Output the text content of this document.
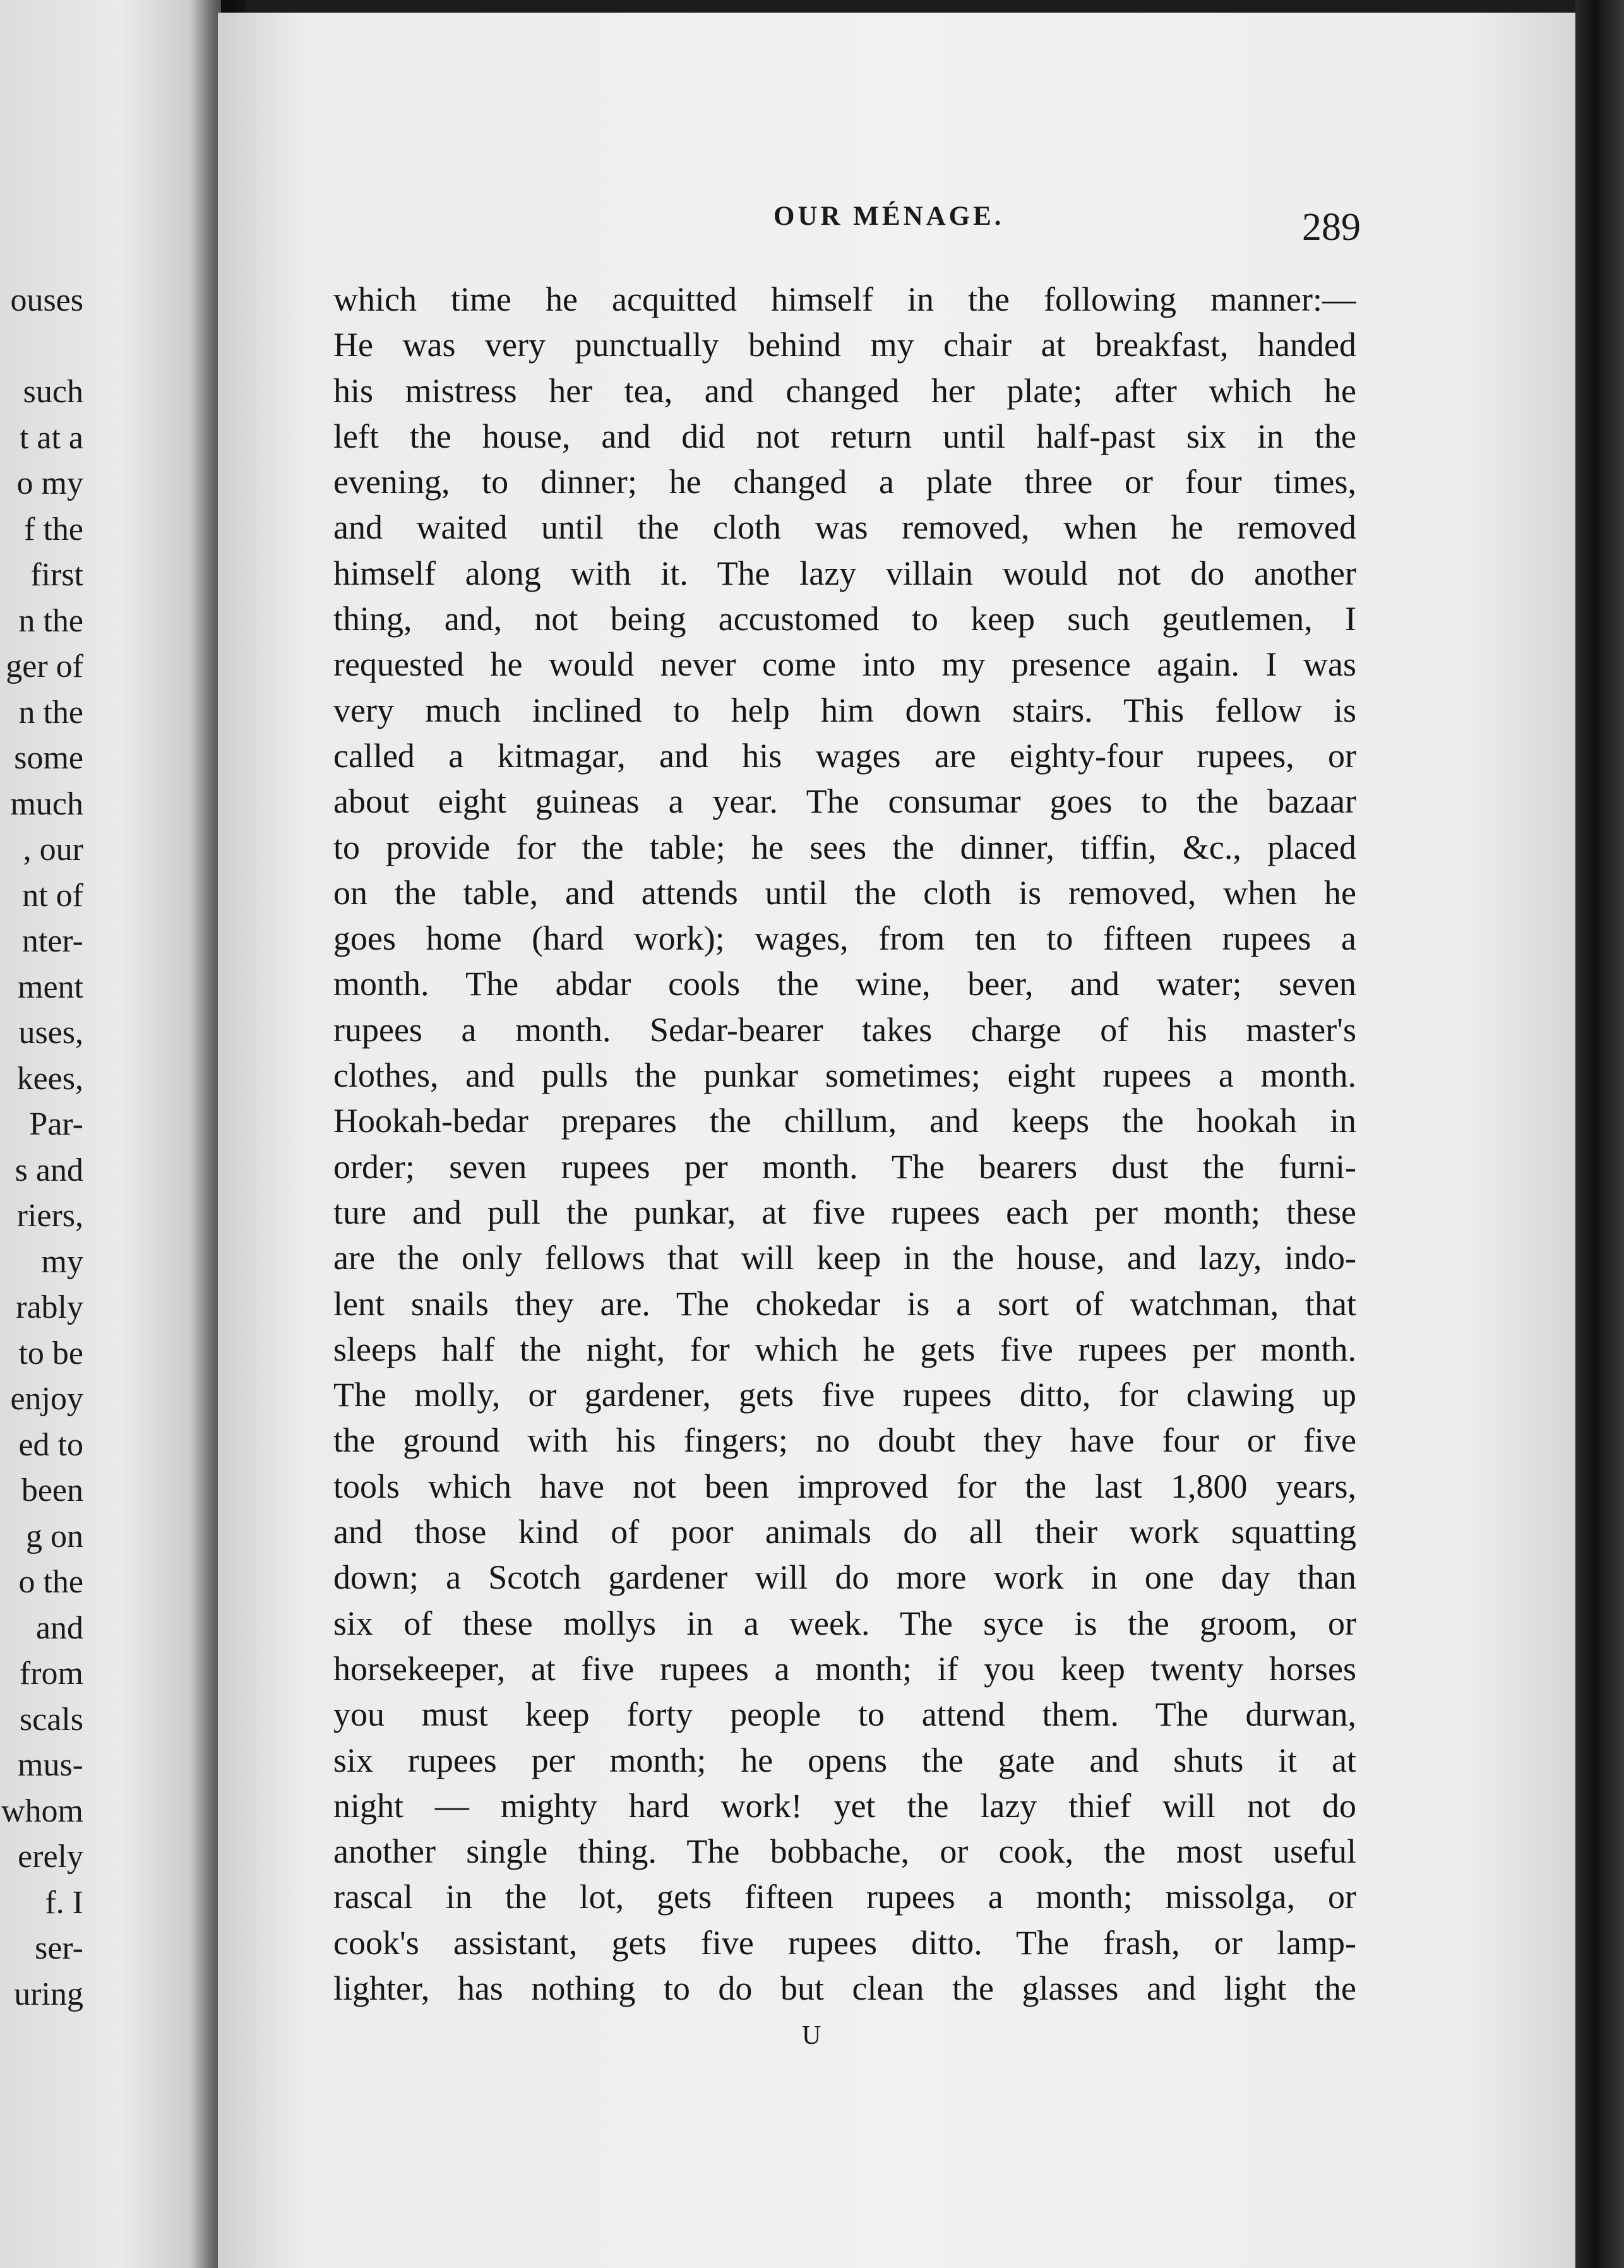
ouses
such
t at a
o my
f the
first
n the
ger of
n the
some
much
, our
nt of
nter-
ment
uses,
kees,
Par-
s and
riers,
my
rably
to be
enjoy
ed to
been
g on
o the
and
from
scals
mus-
whom
erely
f. I
ser-
uring
OUR MÉNAGE.	289
which time he acquitted himself in the following manner:—
He was very punctually behind my chair at breakfast, handed
his mistress her tea, and changed her plate; after which he
left the house, and did not return until half-past six in the
evening, to dinner; he changed a plate three or four times,
and waited until the cloth was removed, when he removed
himself along with it. The lazy villain would not do another
thing, and, not being accustomed to keep such geutlemen, I
requested he would never come into my presence again. I was
very much inclined to help him down stairs. This fellow is
called a kitmagar, and his wages are eighty-four rupees, or
about eight guineas a year. The consumar goes to the bazaar
to provide for the table; he sees the dinner, tiffin, &c., placed
on the table, and attends until the cloth is removed, when he
goes home (hard work); wages, from ten to fifteen rupees a
month. The abdar cools the wine, beer, and water; seven
rupees a month. Sedar-bearer takes charge of his master's
clothes, and pulls the punkar sometimes; eight rupees a month.
Hookah-bedar prepares the chillum, and keeps the hookah in
order; seven rupees per month. The bearers dust the furni-
ture and pull the punkar, at five rupees each per month; these
are the only fellows that will keep in the house, and lazy, indo-
lent snails they are. The chokedar is a sort of watchman, that
sleeps half the night, for which he gets five rupees per month.
The molly, or gardener, gets five rupees ditto, for clawing up
the ground with his fingers; no doubt they have four or five
tools which have not been improved for the last 1,800 years,
and those kind of poor animals do all their work squatting
down; a Scotch gardener will do more work in one day than
six of these mollys in a week. The syce is the groom, or
horsekeeper, at five rupees a month; if you keep twenty horses
you must keep forty people to attend them. The durwan,
six rupees per month; he opens the gate and shuts it at
night — mighty hard work! yet the lazy thief will not do
another single thing. The bobbache, or cook, the most useful
rascal in the lot, gets fifteen rupees a month; missolga, or
cook's assistant, gets five rupees ditto. The frash, or lamp-
lighter, has nothing to do but clean the glasses and light the
U
